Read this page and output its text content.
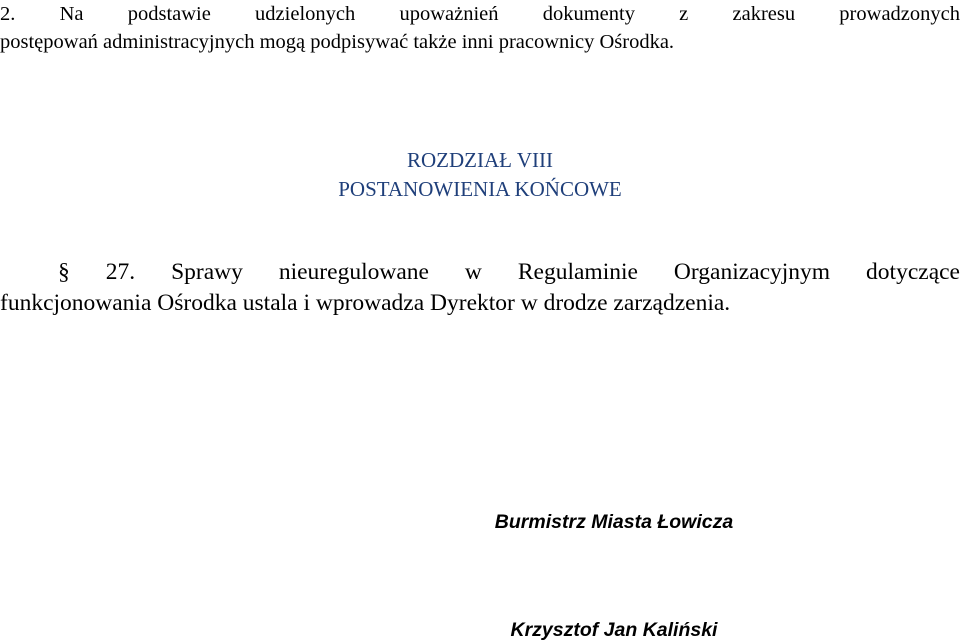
2. Na podstawie udzielonych upoważnień dokumenty z zakresu prowadzonych
postępowań administracyjnych mogą podpisywać także inni pracownicy Ośrodka.
ROZDZIAŁ VIII
POSTANOWIENIA KOŃCOWE
§ 27. Sprawy nieuregulowane w Regulaminie Organizacyjnym dotyczące
funkcjonowania Ośrodka ustala i wprowadza Dyrektor w drodze zarządzenia.
Burmistrz Miasta Łowicza
Krzysztof Jan Kaliński
